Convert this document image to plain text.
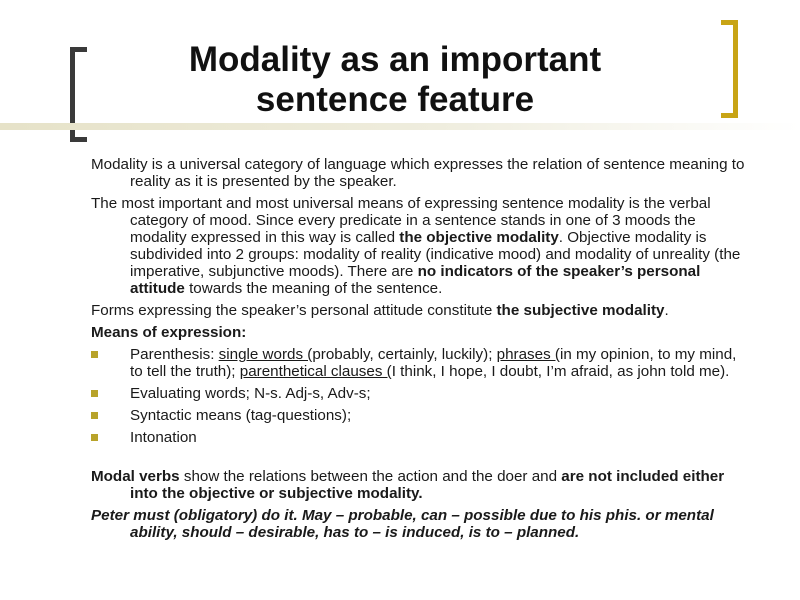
Modality as an important
sentence feature

Modality is a universal category of language which expresses the relation of sentence meaning to reality as it is presented by the speaker.

The most important and most universal means of expressing sentence modality is the verbal category of mood. Since every predicate in a sentence stands in one of 3 moods the modality expressed in this way is called the objective modality. Objective modality is subdivided into 2 groups: modality of reality (indicative mood) and modality of unreality (the imperative, subjunctive moods). There are no indicators of the speaker’s personal attitude towards the meaning of the sentence.

Forms expressing the speaker’s personal attitude constitute the subjective modality.

Means of expression:

Parenthesis: single words (probably, certainly, luckily); phrases (in my opinion, to my mind, to tell the truth); parenthetical clauses (I think, I hope, I doubt, I’m afraid, as john told me).
Evaluating words; N-s. Adj-s, Adv-s;
Syntactic means (tag-questions);
Intonation

Modal verbs show the relations between the action and the doer and are not included either into the objective or subjective modality.

Peter must (obligatory) do it. May – probable, can – possible due to his phis. or mental ability, should – desirable, has to – is induced, is to – planned.
